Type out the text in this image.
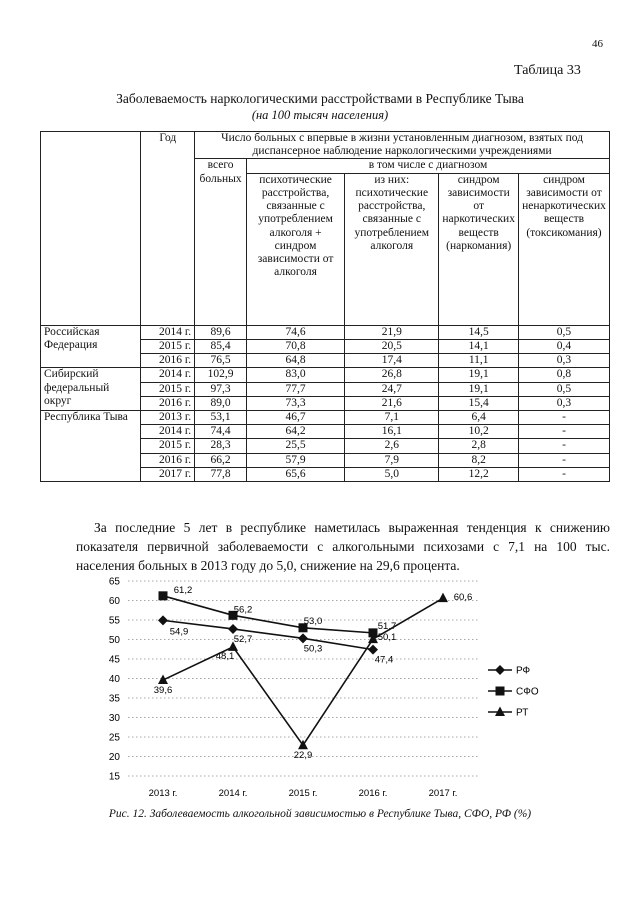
46
Таблица 33
Заболеваемость наркологическими расстройствами в Республике Тыва
(на 100 тысяч населения)
	Год	Число больных с впервые в жизни установленным диагнозом, взятых под диспансерное наблюдение наркологическими учреждениями				
		всего больных	в том числе с диагнозом			
			психотические расстройства, связанные с употреблением алкоголя + синдром зависимости от алкоголя	из них: психотические расстройства, связанные с употреблением алкоголя	синдром зависимости от наркотических веществ (наркомания)	синдром зависимости от ненаркотических веществ (токсикомания)
Российская Федерация	2014 г.	89,6	74,6	21,9	14,5	0,5
	2015 г.	85,4	70,8	20,5	14,1	0,4
	2016 г.	76,5	64,8	17,4	11,1	0,3
Сибирский федеральный округ	2014 г.	102,9	83,0	26,8	19,1	0,8
	2015 г.	97,3	77,7	24,7	19,1	0,5
	2016 г.	89,0	73,3	21,6	15,4	0,3
Республика Тыва	2013 г.	53,1	46,7	7,1	6,4	-
	2014 г.	74,4	64,2	16,1	10,2	-
	2015 г.	28,3	25,5	2,6	2,8	-
	2016 г.	66,2	57,9	7,9	8,2	-
	2017 г.	77,8	65,6	5,0	12,2	-

За последние 5 лет в республике наметилась выраженная тенденция к снижению показателя первичной заболеваемости с алкогольными психозами с 7,1 на 100 тыс. населения больных в 2013 году до 5,0, снижение на 29,6 процента.

15
20
25
30
35
40
45
50
55
60
65
2013 г.	2014 г.	2015 г.	2016 г.	2017 г.
54,9
52,7
50,3
47,4
РФ
61,2
56,2
53,0	51,7
СФО
39,6
48,1
22,9
50,1
60,6
РТ
Рис. 12. Заболеваемость алкогольной зависимостью в Республике Тыва, СФО, РФ (%)
